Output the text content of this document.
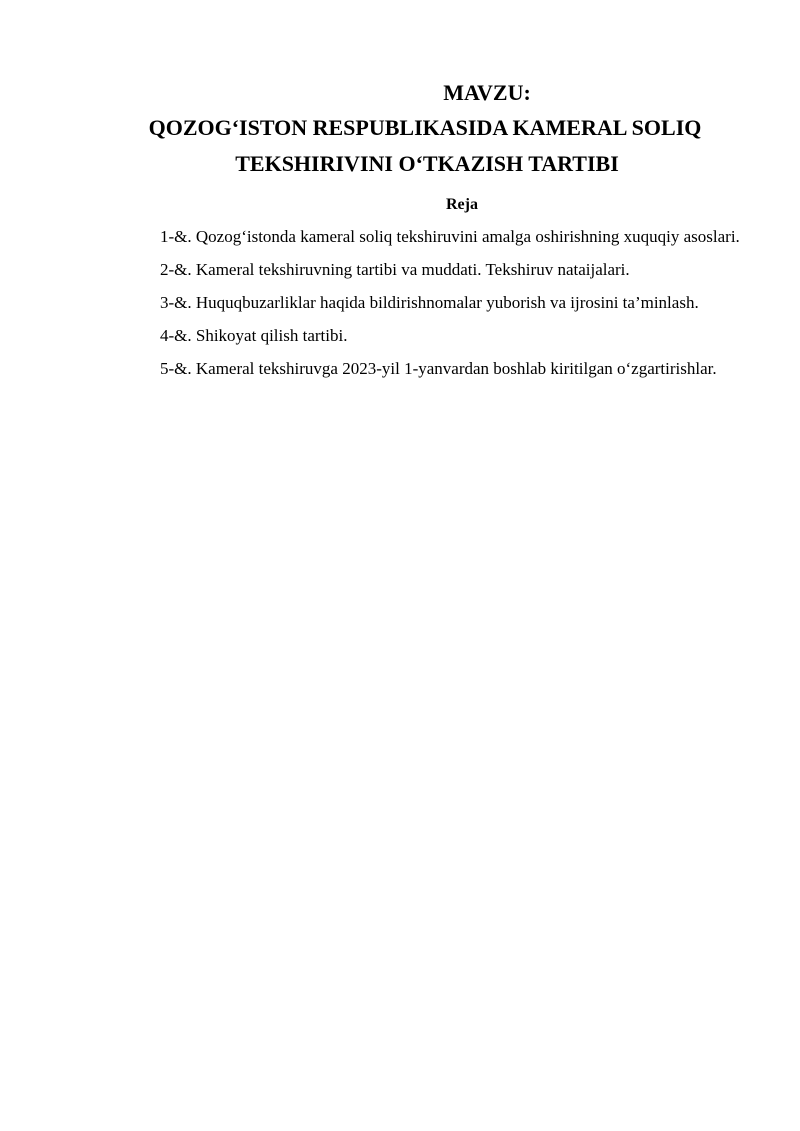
MAVZU:
QOZOG‘ISTON RESPUBLIKASIDA KAMERAL SOLIQ
TEKSHIRIVINI O‘TKAZISH TARTIBI
Reja

1-&. Qozog‘istonda kameral soliq tekshiruvini amalga oshirishning xuquqiy asoslari.

2-&. Kameral tekshiruvning tartibi va muddati. Tekshiruv nataijalari.

3-&. Huquqbuzarliklar haqida bildirishnomalar yuborish va ijrosini ta’minlash.

4-&. Shikoyat qilish tartibi.

5-&. Kameral tekshiruvga 2023-yil 1-yanvardan boshlab kiritilgan o‘zgartirishlar.
